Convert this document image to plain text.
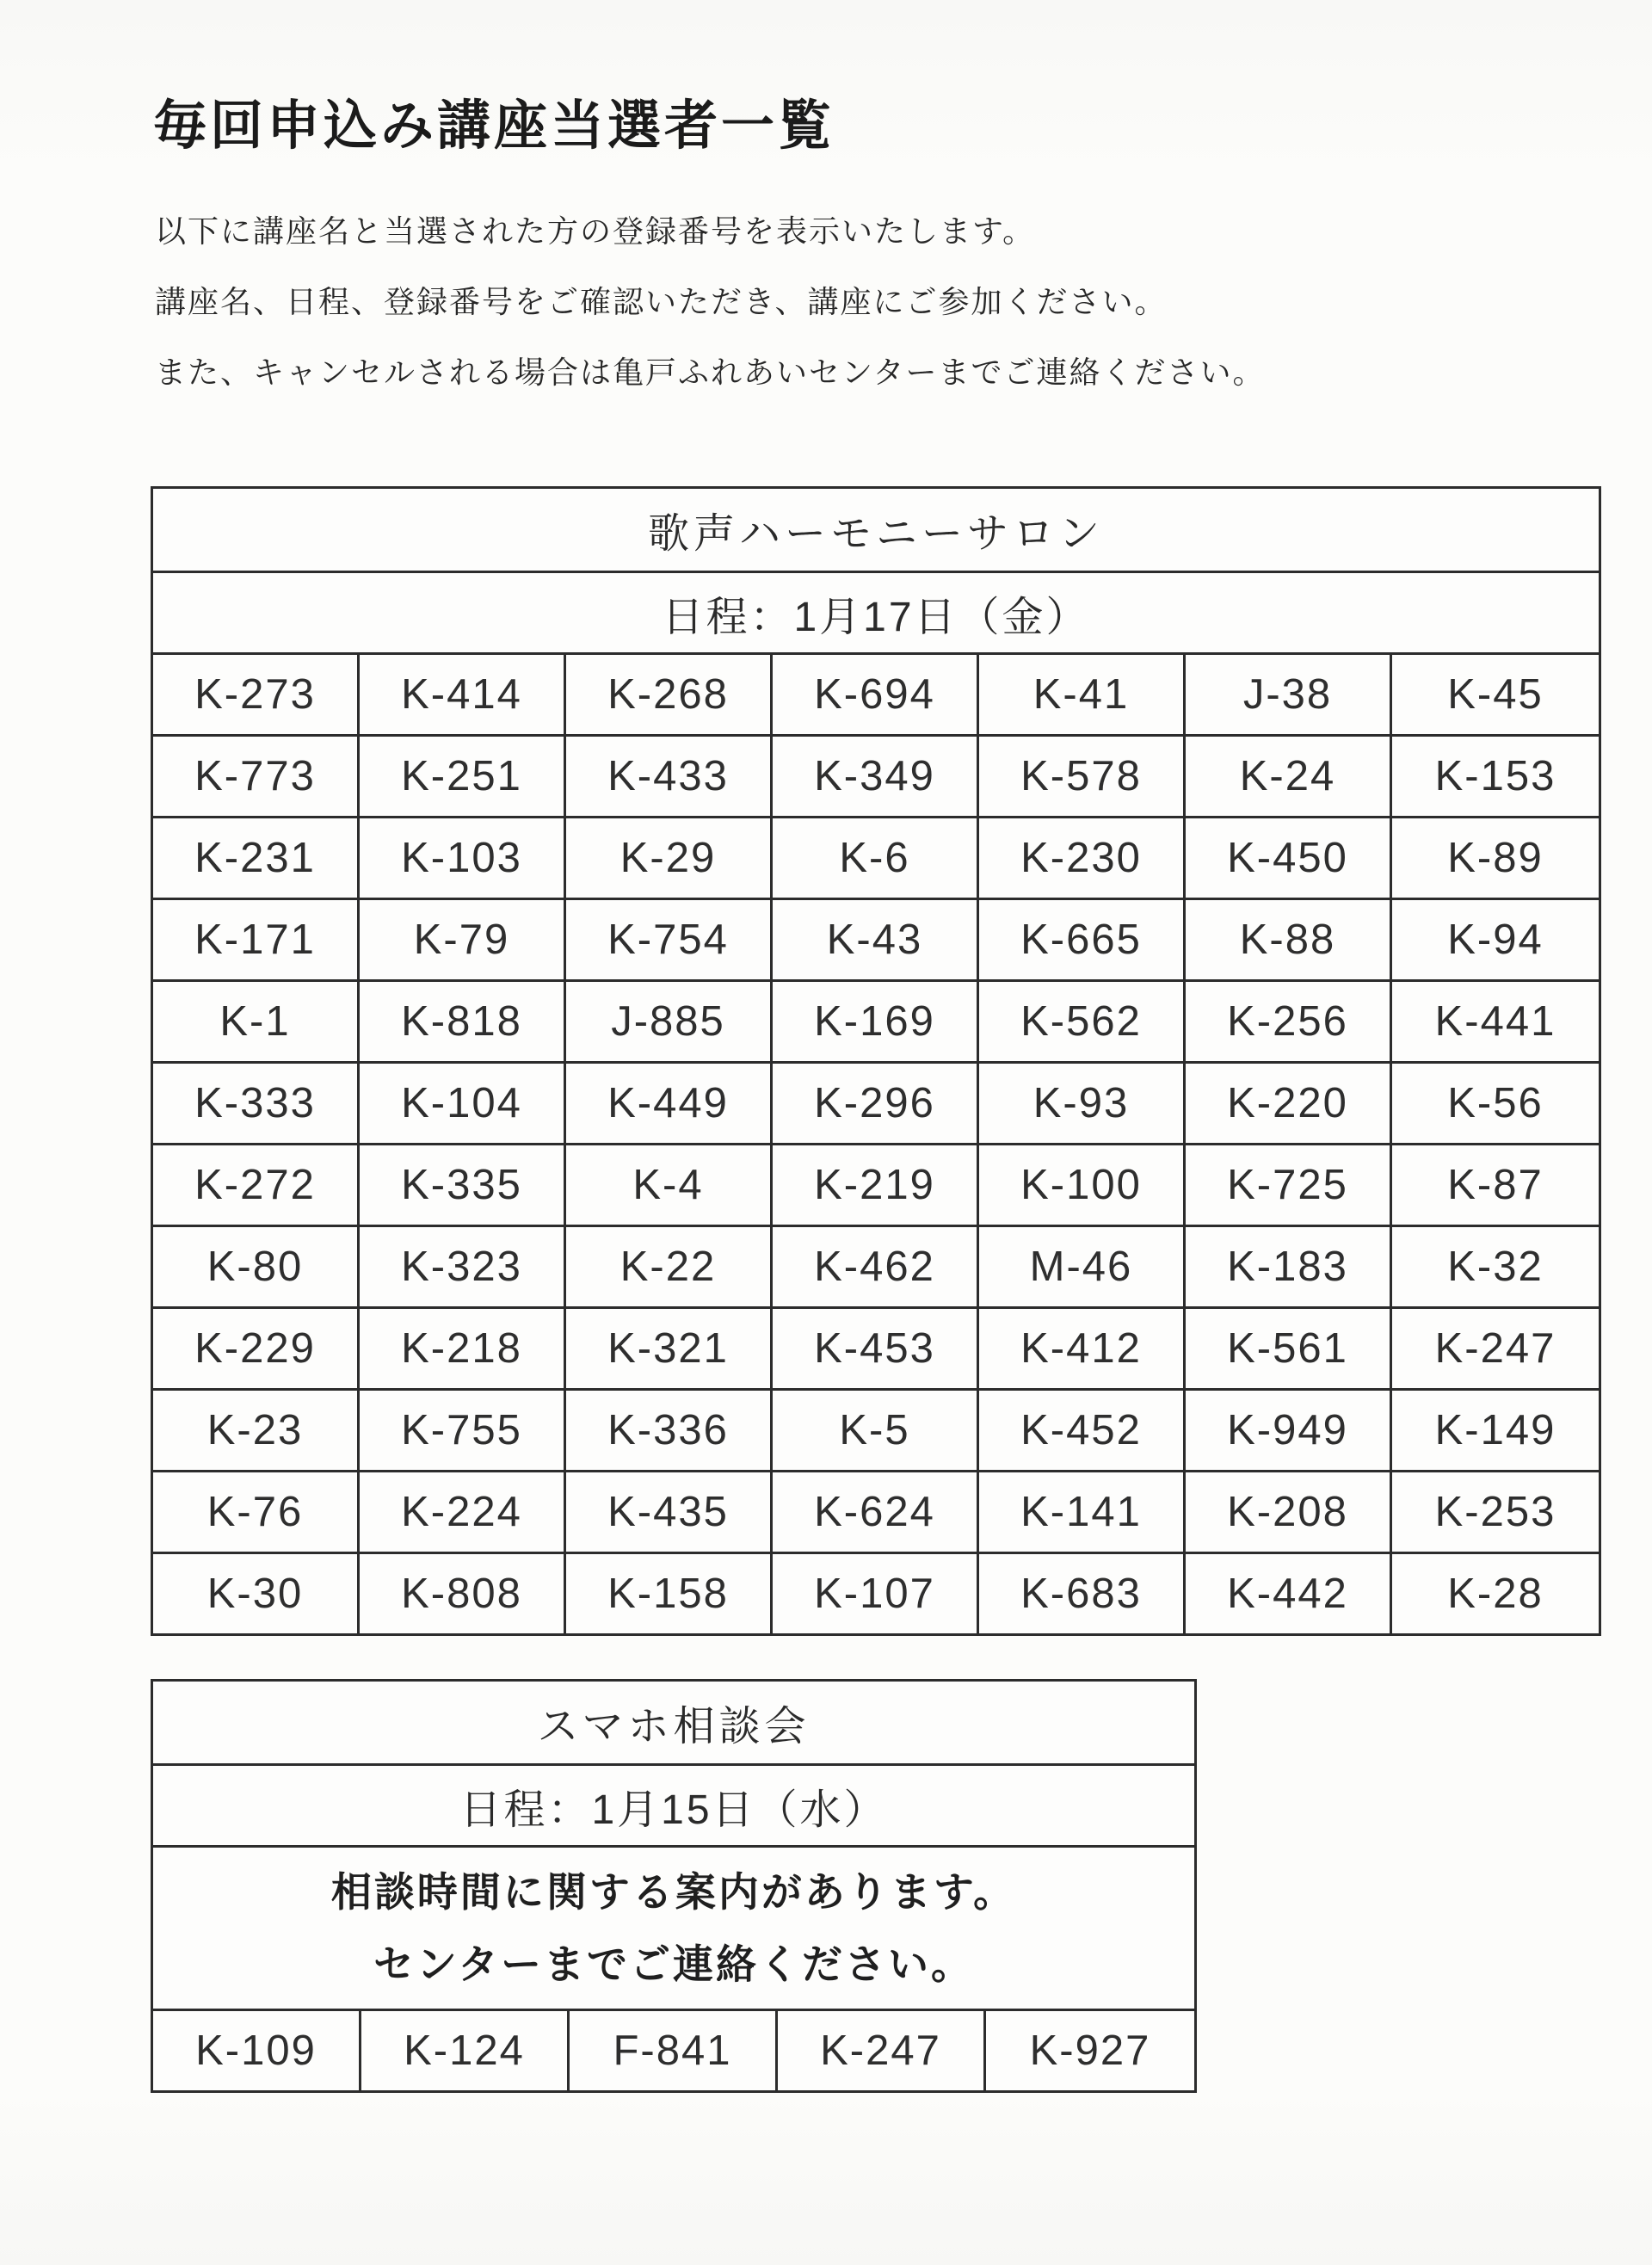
毎回申込み講座当選者一覧
以下に講座名と当選された方の登録番号を表示いたします。
講座名、日程、登録番号をご確認いただき、講座にご参加ください。
また、キャンセルされる場合は亀戸ふれあいセンターまでご連絡ください。
歌声ハーモニーサロン
日程：1月17日（金）
K-273	K-414	K-268	K-694	K-41	J-38	K-45
K-773	K-251	K-433	K-349	K-578	K-24	K-153
K-231	K-103	K-29	K-6	K-230	K-450	K-89
K-171	K-79	K-754	K-43	K-665	K-88	K-94
K-1	K-818	J-885	K-169	K-562	K-256	K-441
K-333	K-104	K-449	K-296	K-93	K-220	K-56
K-272	K-335	K-4	K-219	K-100	K-725	K-87
K-80	K-323	K-22	K-462	M-46	K-183	K-32
K-229	K-218	K-321	K-453	K-412	K-561	K-247
K-23	K-755	K-336	K-5	K-452	K-949	K-149
K-76	K-224	K-435	K-624	K-141	K-208	K-253
K-30	K-808	K-158	K-107	K-683	K-442	K-28
スマホ相談会
日程：1月15日（水）
相談時間に関する案内があります。
センターまでご連絡ください。
K-109	K-124	F-841	K-247	K-927
